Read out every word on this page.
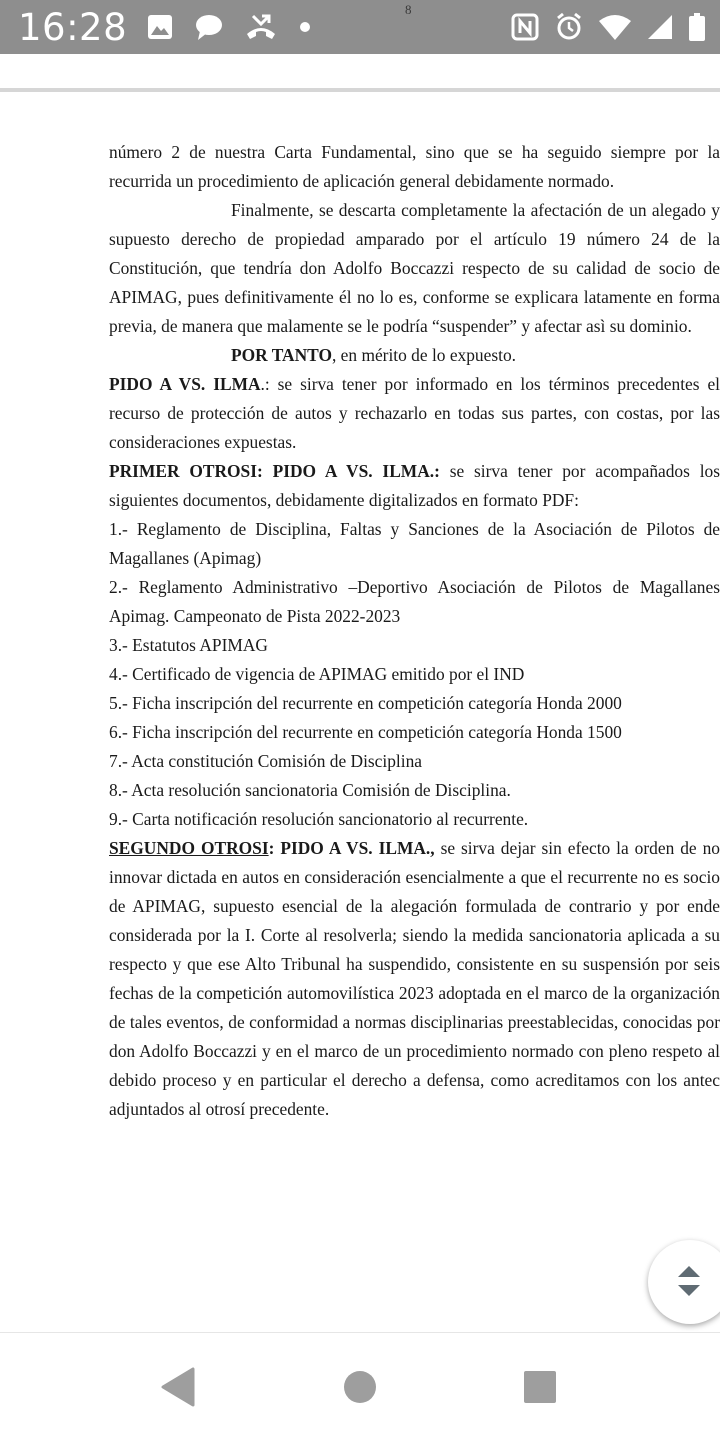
16:28	8

número 2 de nuestra Carta Fundamental, sino que se ha seguido siempre por la recurrida un procedimiento de aplicación general debidamente normado.

Finalmente, se descarta completamente la afectación de un alegado y supuesto derecho de propiedad amparado por el artículo 19 número 24 de la Constitución, que tendría don Adolfo Boccazzi respecto de su calidad de socio de APIMAG, pues definitivamente él no lo es, conforme se explicara latamente en forma previa, de manera que malamente se le podría “suspender” y afectar asì su dominio.

POR TANTO, en mérito de lo expuesto.

PIDO A VS. ILMA.: se sirva tener por informado en los términos precedentes el recurso de protección de autos y rechazarlo en todas sus partes, con costas, por las consideraciones expuestas.

PRIMER OTROSI: PIDO A VS. ILMA.: se sirva tener por acompañados los siguientes documentos, debidamente digitalizados en formato PDF:

1.- Reglamento de Disciplina, Faltas y Sanciones de la Asociación de Pilotos de Magallanes (Apimag)

2.- Reglamento Administrativo –Deportivo Asociación de Pilotos de Magallanes Apimag. Campeonato de Pista 2022-2023

3.- Estatutos APIMAG

4.- Certificado de vigencia de APIMAG emitido por el IND

5.- Ficha inscripción del recurrente en competición categoría Honda 2000

6.- Ficha inscripción del recurrente en competición categoría Honda 1500

7.- Acta constitución Comisión de Disciplina

8.- Acta resolución sancionatoria Comisión de Disciplina.

9.- Carta notificación resolución sancionatorio al recurrente.

SEGUNDO OTROSI: PIDO A VS. ILMA., se sirva dejar sin efecto la orden de no innovar dictada en autos en consideración esencialmente a que el recurrente no es socio de APIMAG, supuesto esencial de la alegación formulada de contrario y por ende considerada por la I. Corte al resolverla; siendo la medida sancionatoria aplicada a su respecto y que ese Alto Tribunal ha suspendido, consistente en su suspensión por seis fechas de la competición automovilística 2023 adoptada en el marco de la organización de tales eventos, de conformidad a normas disciplinarias preestablecidas, conocidas por don Adolfo Boccazzi y en el marco de un procedimiento normado con pleno respeto al debido proceso y en particular el derecho a defensa, como acreditamos con los antec adjuntados al otrosí precedente.
